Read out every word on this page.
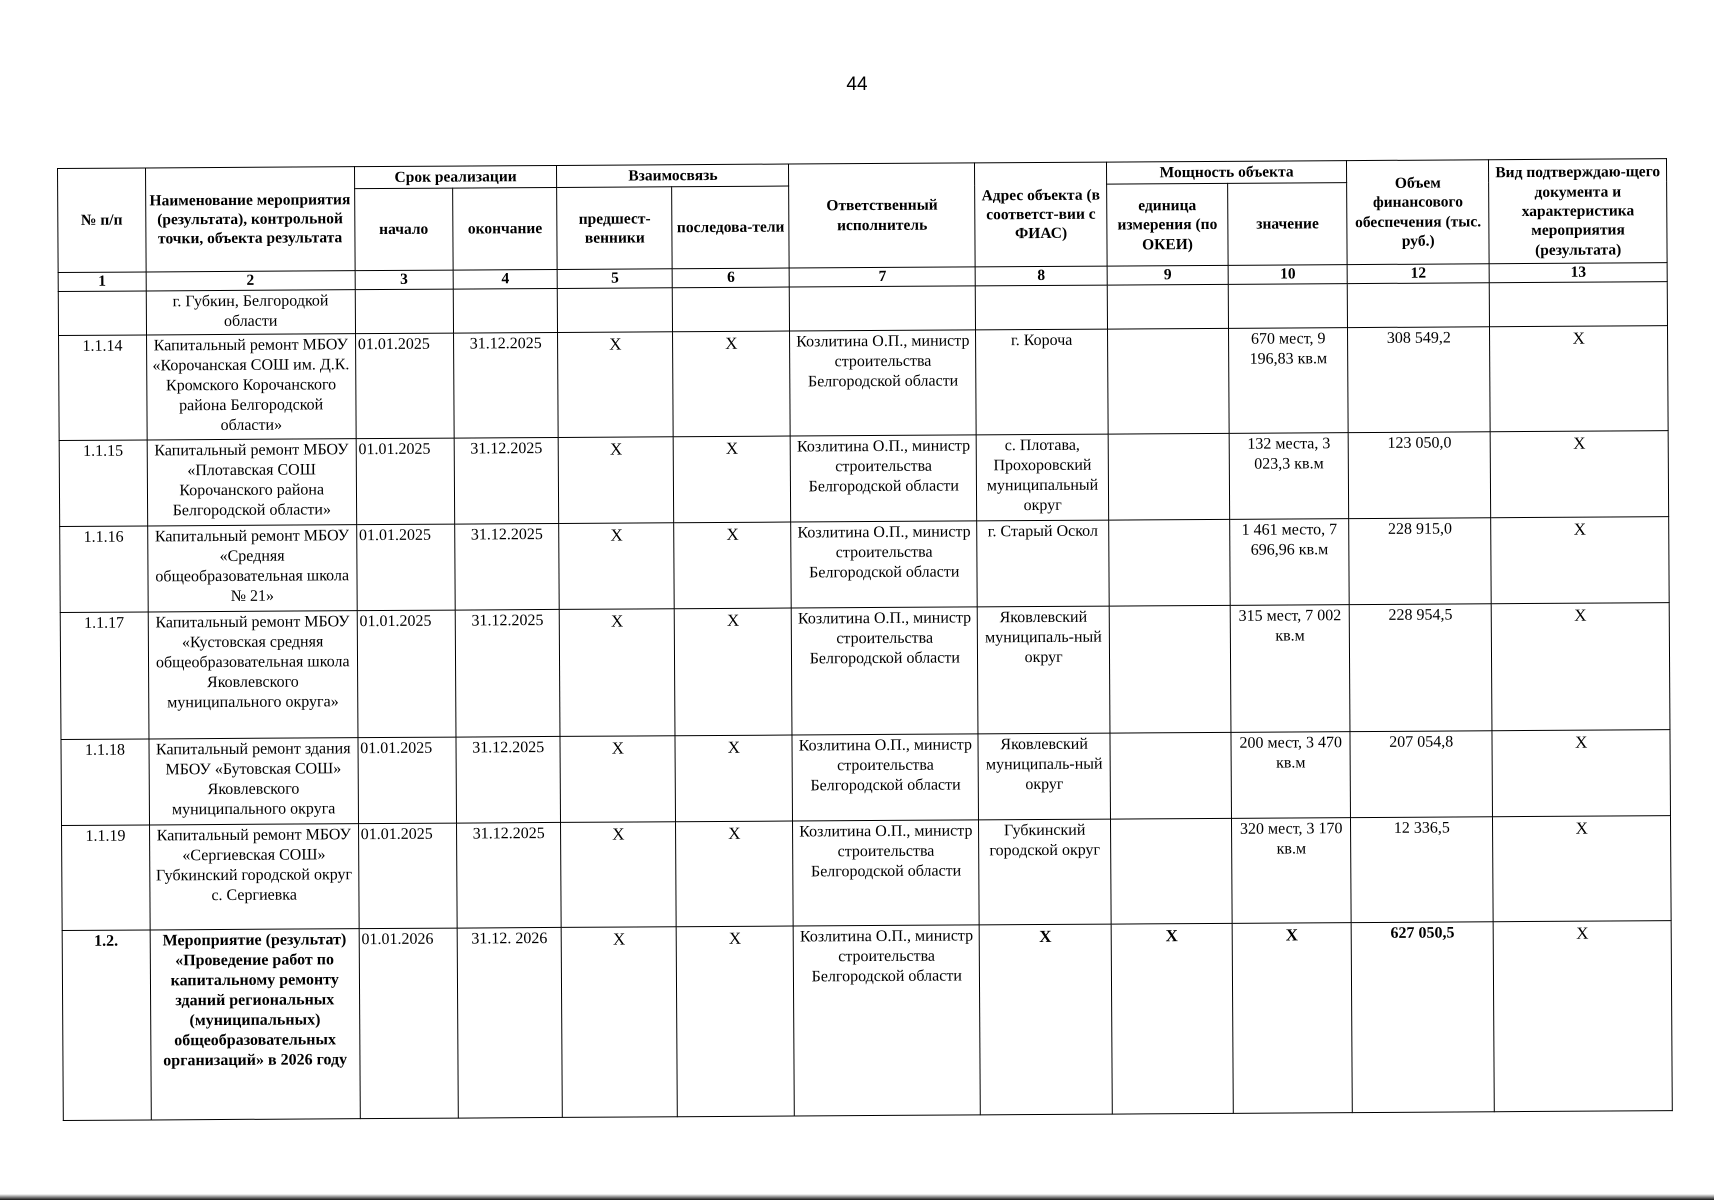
44
№ п/п	Наименование мероприятия (результата), контрольной точки, объекта результата	Срок реализации		Взаимосвязь		Ответственный исполнитель	Адрес объекта (в соответст-вии с ФИАС)	Мощность объекта		Объем финансового обеспечения (тыс. руб.)	Вид подтверждаю-щего документа и характеристика мероприятия (результата)
		начало	окончание	предшест-венники	последова-тели			единица измерения (по ОКЕИ)	значение		
1	2	3	4	5	6	7	8	9	10	12	13
	г. Губкин, Белгородкой области										
1.1.14	Капитальный ремонт МБОУ «Корочанская СОШ им. Д.К. Кромского Корочанского района Белгородской области»	01.01.2025	31.12.2025	X	X	Козлитина О.П., министр строительства Белгородской области	г. Короча		670 мест, 9 196,83 кв.м	308 549,2	X
1.1.15	Капитальный ремонт МБОУ «Плотавская СОШ Корочанского района Белгородской области»	01.01.2025	31.12.2025	X	X	Козлитина О.П., министр строительства Белгородской области	с. Плотава, Прохоровский муниципальный округ		132 места, 3 023,3 кв.м	123 050,0	X
1.1.16	Капитальный ремонт МБОУ «Средняя общеобразовательная школа № 21»	01.01.2025	31.12.2025	X	X	Козлитина О.П., министр строительства Белгородской области	г. Старый Оскол		1 461 место, 7 696,96 кв.м	228 915,0	X
1.1.17	Капитальный ремонт МБОУ «Кустовская средняя общеобразовательная школа Яковлевского муниципального округа»	01.01.2025	31.12.2025	X	X	Козлитина О.П., министр строительства Белгородской области	Яковлевский муниципаль-ный округ		315 мест, 7 002 кв.м	228 954,5	X
1.1.18	Капитальный ремонт здания МБОУ «Бутовская СОШ» Яковлевского муниципального округа	01.01.2025	31.12.2025	X	X	Козлитина О.П., министр строительства Белгородской области	Яковлевский муниципаль-ный округ		200 мест, 3 470 кв.м	207 054,8	X
1.1.19	Капитальный ремонт МБОУ «Сергиевская СОШ» Губкинский городской округ с. Сергиевка	01.01.2025	31.12.2025	X	X	Козлитина О.П., министр строительства Белгородской области	Губкинский городской округ		320 мест, 3 170 кв.м	12 336,5	X
1.2.	Мероприятие (результат) «Проведение работ по капитальному ремонту зданий региональных (муниципальных) общеобразовательных организаций» в 2026 году	01.01.2026	31.12. 2026	X	X	Козлитина О.П., министр строительства Белгородской области	X	X	X	627 050,5	X
